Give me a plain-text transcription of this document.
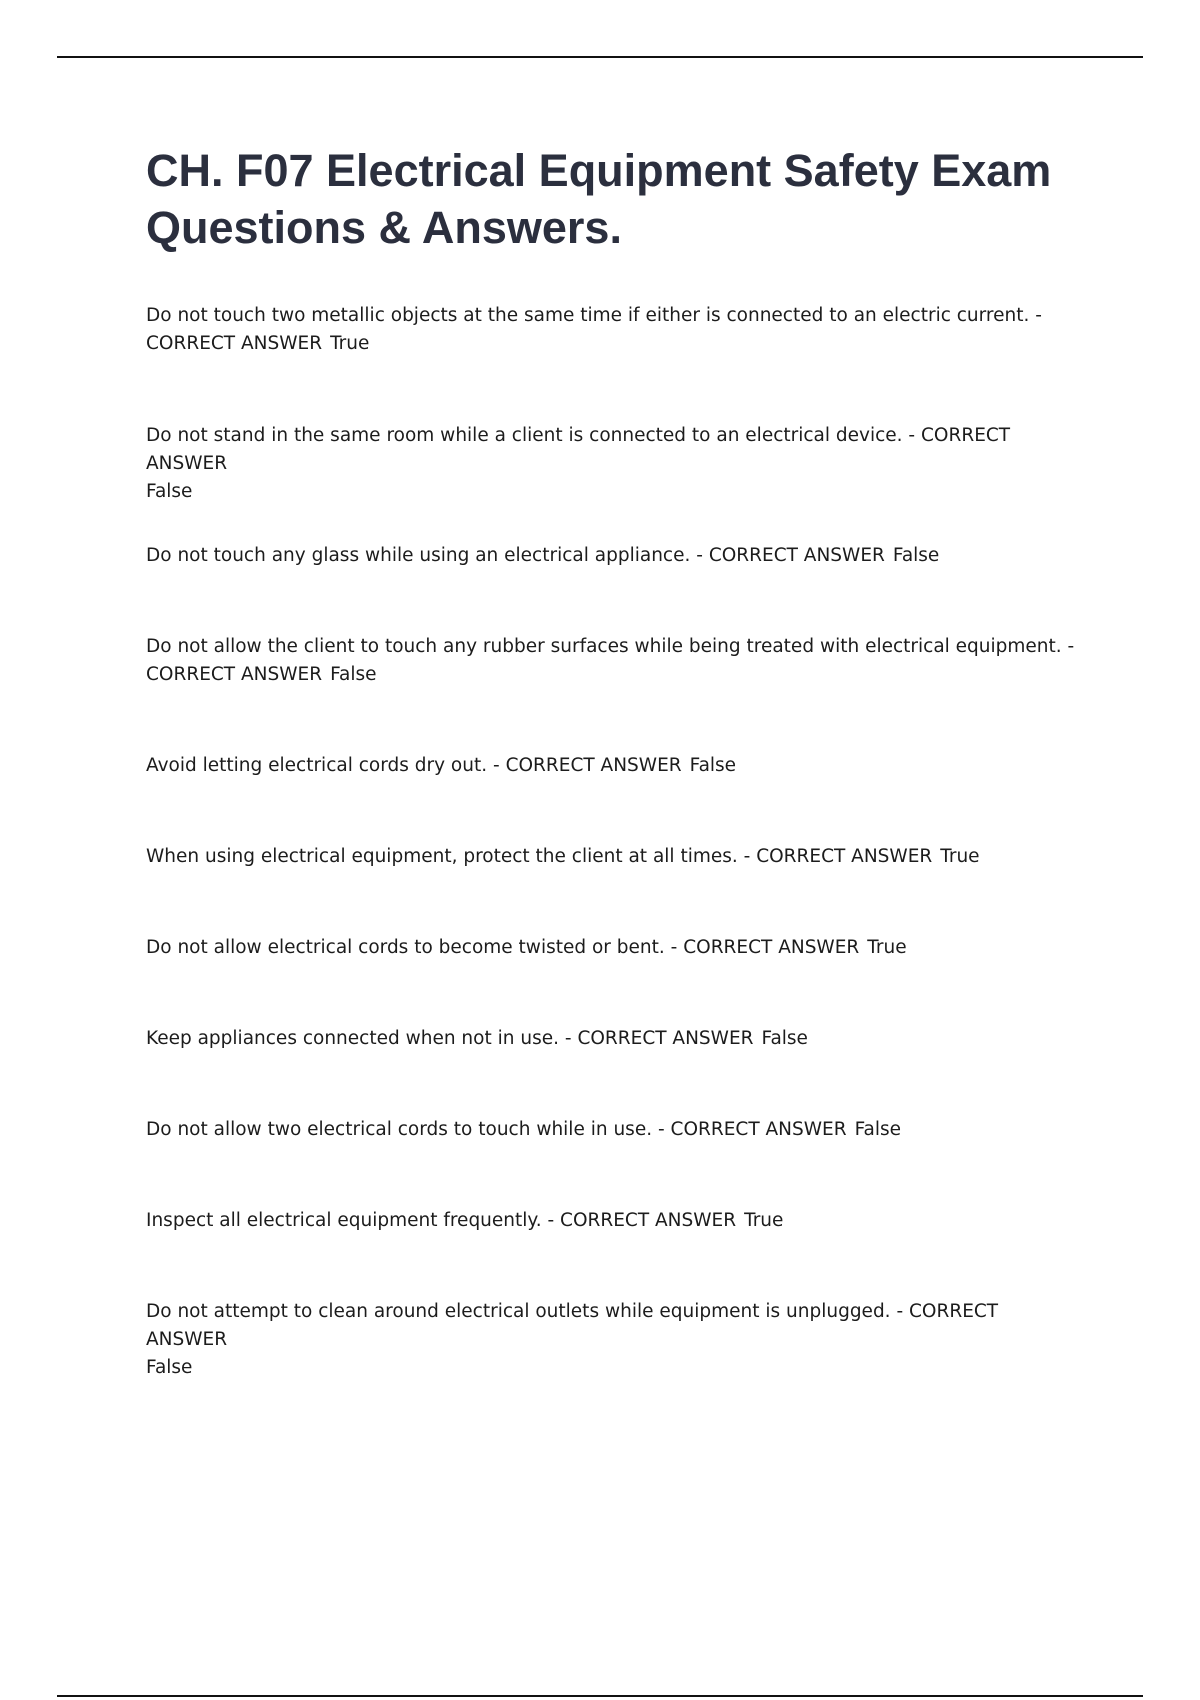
CH. F07 Electrical Equipment Safety Exam Questions & Answers.
Do not touch two metallic objects at the same time if either is connected to an electric current. - CORRECT ANSWER True
Do not stand in the same room while a client is connected to an electrical device. - CORRECT ANSWER
False
Do not touch any glass while using an electrical appliance. - CORRECT ANSWER False
Do not allow the client to touch any rubber surfaces while being treated with electrical equipment. - CORRECT ANSWER False
Avoid letting electrical cords dry out. - CORRECT ANSWER False
When using electrical equipment, protect the client at all times. - CORRECT ANSWER True
Do not allow electrical cords to become twisted or bent. - CORRECT ANSWER True
Keep appliances connected when not in use. - CORRECT ANSWER False
Do not allow two electrical cords to touch while in use. - CORRECT ANSWER False
Inspect all electrical equipment frequently. - CORRECT ANSWER True
Do not attempt to clean around electrical outlets while equipment is unplugged. - CORRECT ANSWER
False
